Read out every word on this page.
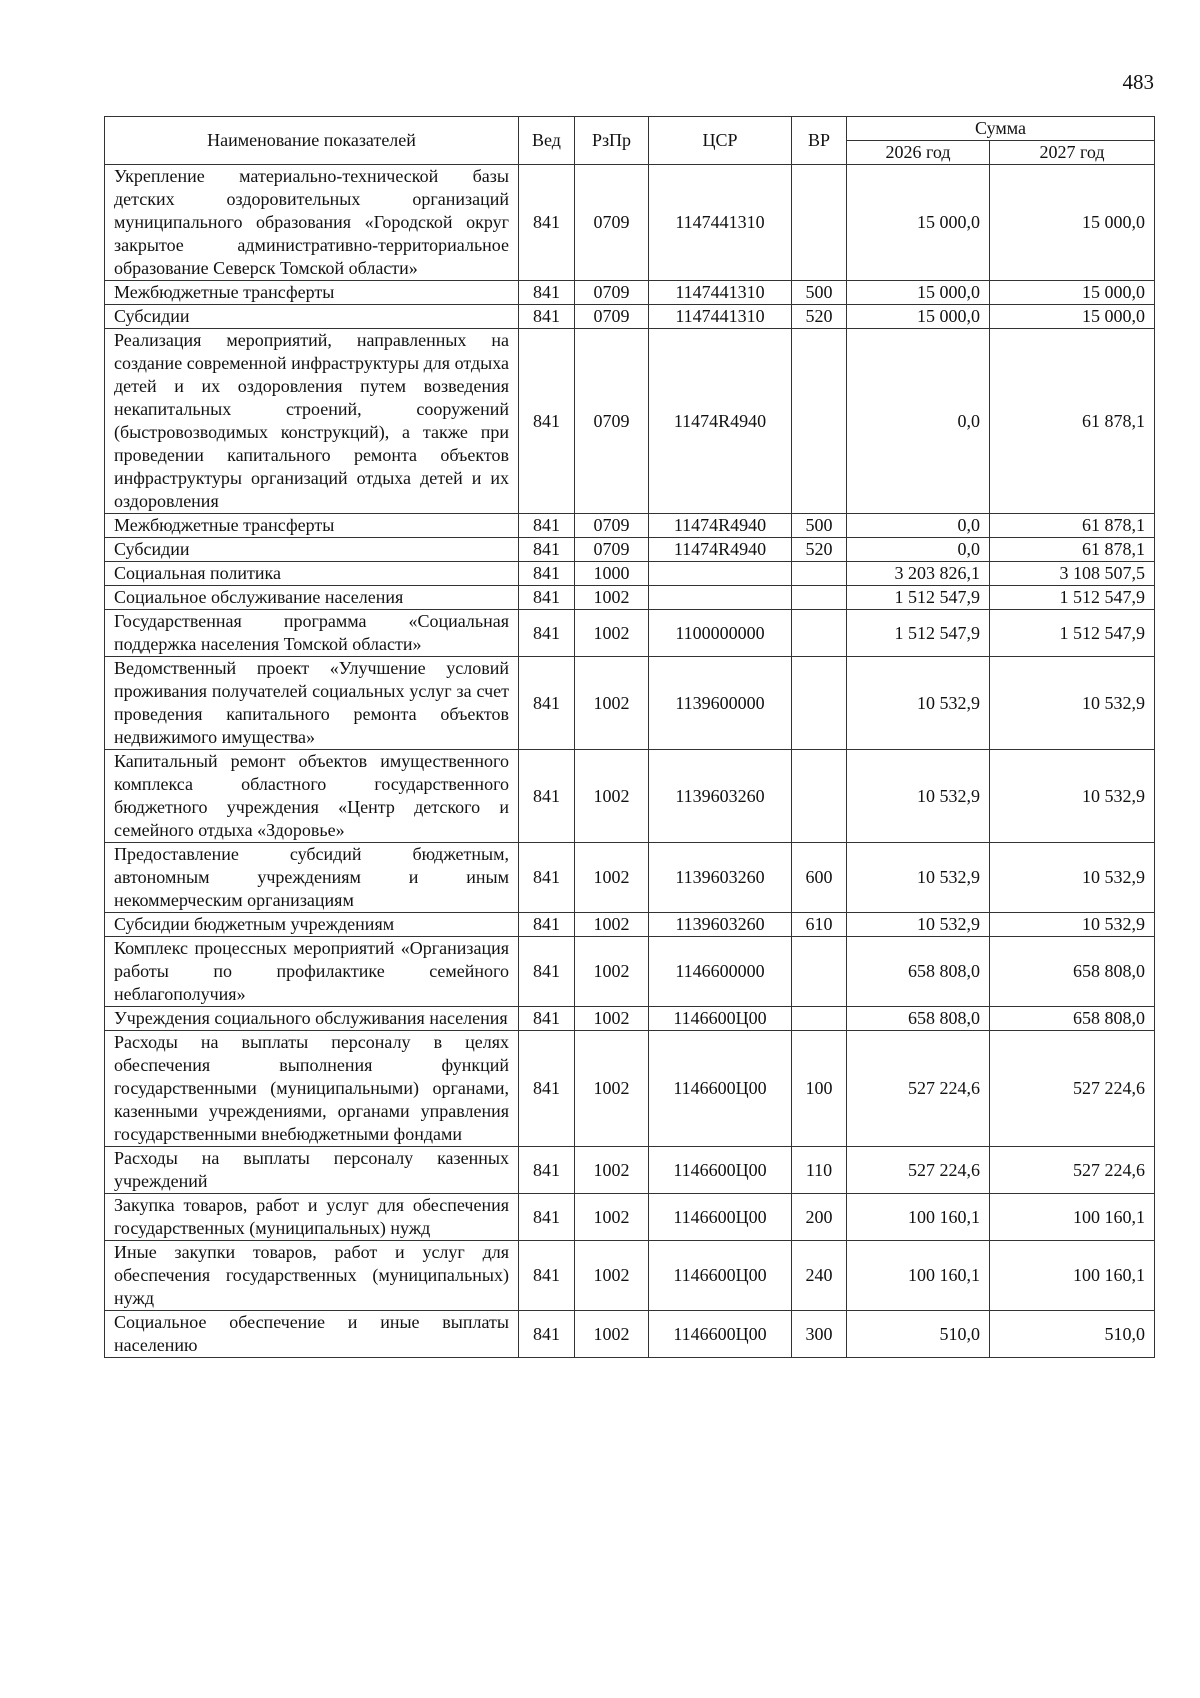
483
Наименование показателей	Вед	РзПр	ЦСР	ВР	Сумма	
					2026 год	2027 год
Укрепление материально-технической базы детских оздоровительных организаций муниципального образования «Городской округ закрытое административно-территориальное образование Северск Томской области»	841	0709	1147441310		15 000,0	15 000,0
Межбюджетные трансферты	841	0709	1147441310	500	15 000,0	15 000,0
Субсидии	841	0709	1147441310	520	15 000,0	15 000,0
Реализация мероприятий, направленных на создание современной инфраструктуры для отдыха детей и их оздоровления путем возведения некапитальных строений, сооружений (быстровозводимых конструкций), а также при проведении капитального ремонта объектов инфраструктуры организаций отдыха детей и их оздоровления	841	0709	11474R4940		0,0	61 878,1
Межбюджетные трансферты	841	0709	11474R4940	500	0,0	61 878,1
Субсидии	841	0709	11474R4940	520	0,0	61 878,1
Социальная политика	841	1000			3 203 826,1	3 108 507,5
Социальное обслуживание населения	841	1002			1 512 547,9	1 512 547,9
Государственная программа «Социальная поддержка населения Томской области»	841	1002	1100000000		1 512 547,9	1 512 547,9
Ведомственный проект «Улучшение условий проживания получателей социальных услуг за счет проведения капитального ремонта объектов недвижимого имущества»	841	1002	1139600000		10 532,9	10 532,9
Капитальный ремонт объектов имущественного комплекса областного государственного бюджетного учреждения «Центр детского и семейного отдыха «Здоровье»	841	1002	1139603260		10 532,9	10 532,9
Предоставление субсидий бюджетным, автономным учреждениям и иным некоммерческим организациям	841	1002	1139603260	600	10 532,9	10 532,9
Субсидии бюджетным учреждениям	841	1002	1139603260	610	10 532,9	10 532,9
Комплекс процессных мероприятий «Организация работы по профилактике семейного неблагополучия»	841	1002	1146600000		658 808,0	658 808,0
Учреждения социального обслуживания населения	841	1002	1146600Ц00		658 808,0	658 808,0
Расходы на выплаты персоналу в целях обеспечения выполнения функций государственными (муниципальными) органами, казенными учреждениями, органами управления государственными внебюджетными фондами	841	1002	1146600Ц00	100	527 224,6	527 224,6
Расходы на выплаты персоналу казенных учреждений	841	1002	1146600Ц00	110	527 224,6	527 224,6
Закупка товаров, работ и услуг для обеспечения государственных (муниципальных) нужд	841	1002	1146600Ц00	200	100 160,1	100 160,1
Иные закупки товаров, работ и услуг для обеспечения государственных (муниципальных) нужд	841	1002	1146600Ц00	240	100 160,1	100 160,1
Социальное обеспечение и иные выплаты населению	841	1002	1146600Ц00	300	510,0	510,0
